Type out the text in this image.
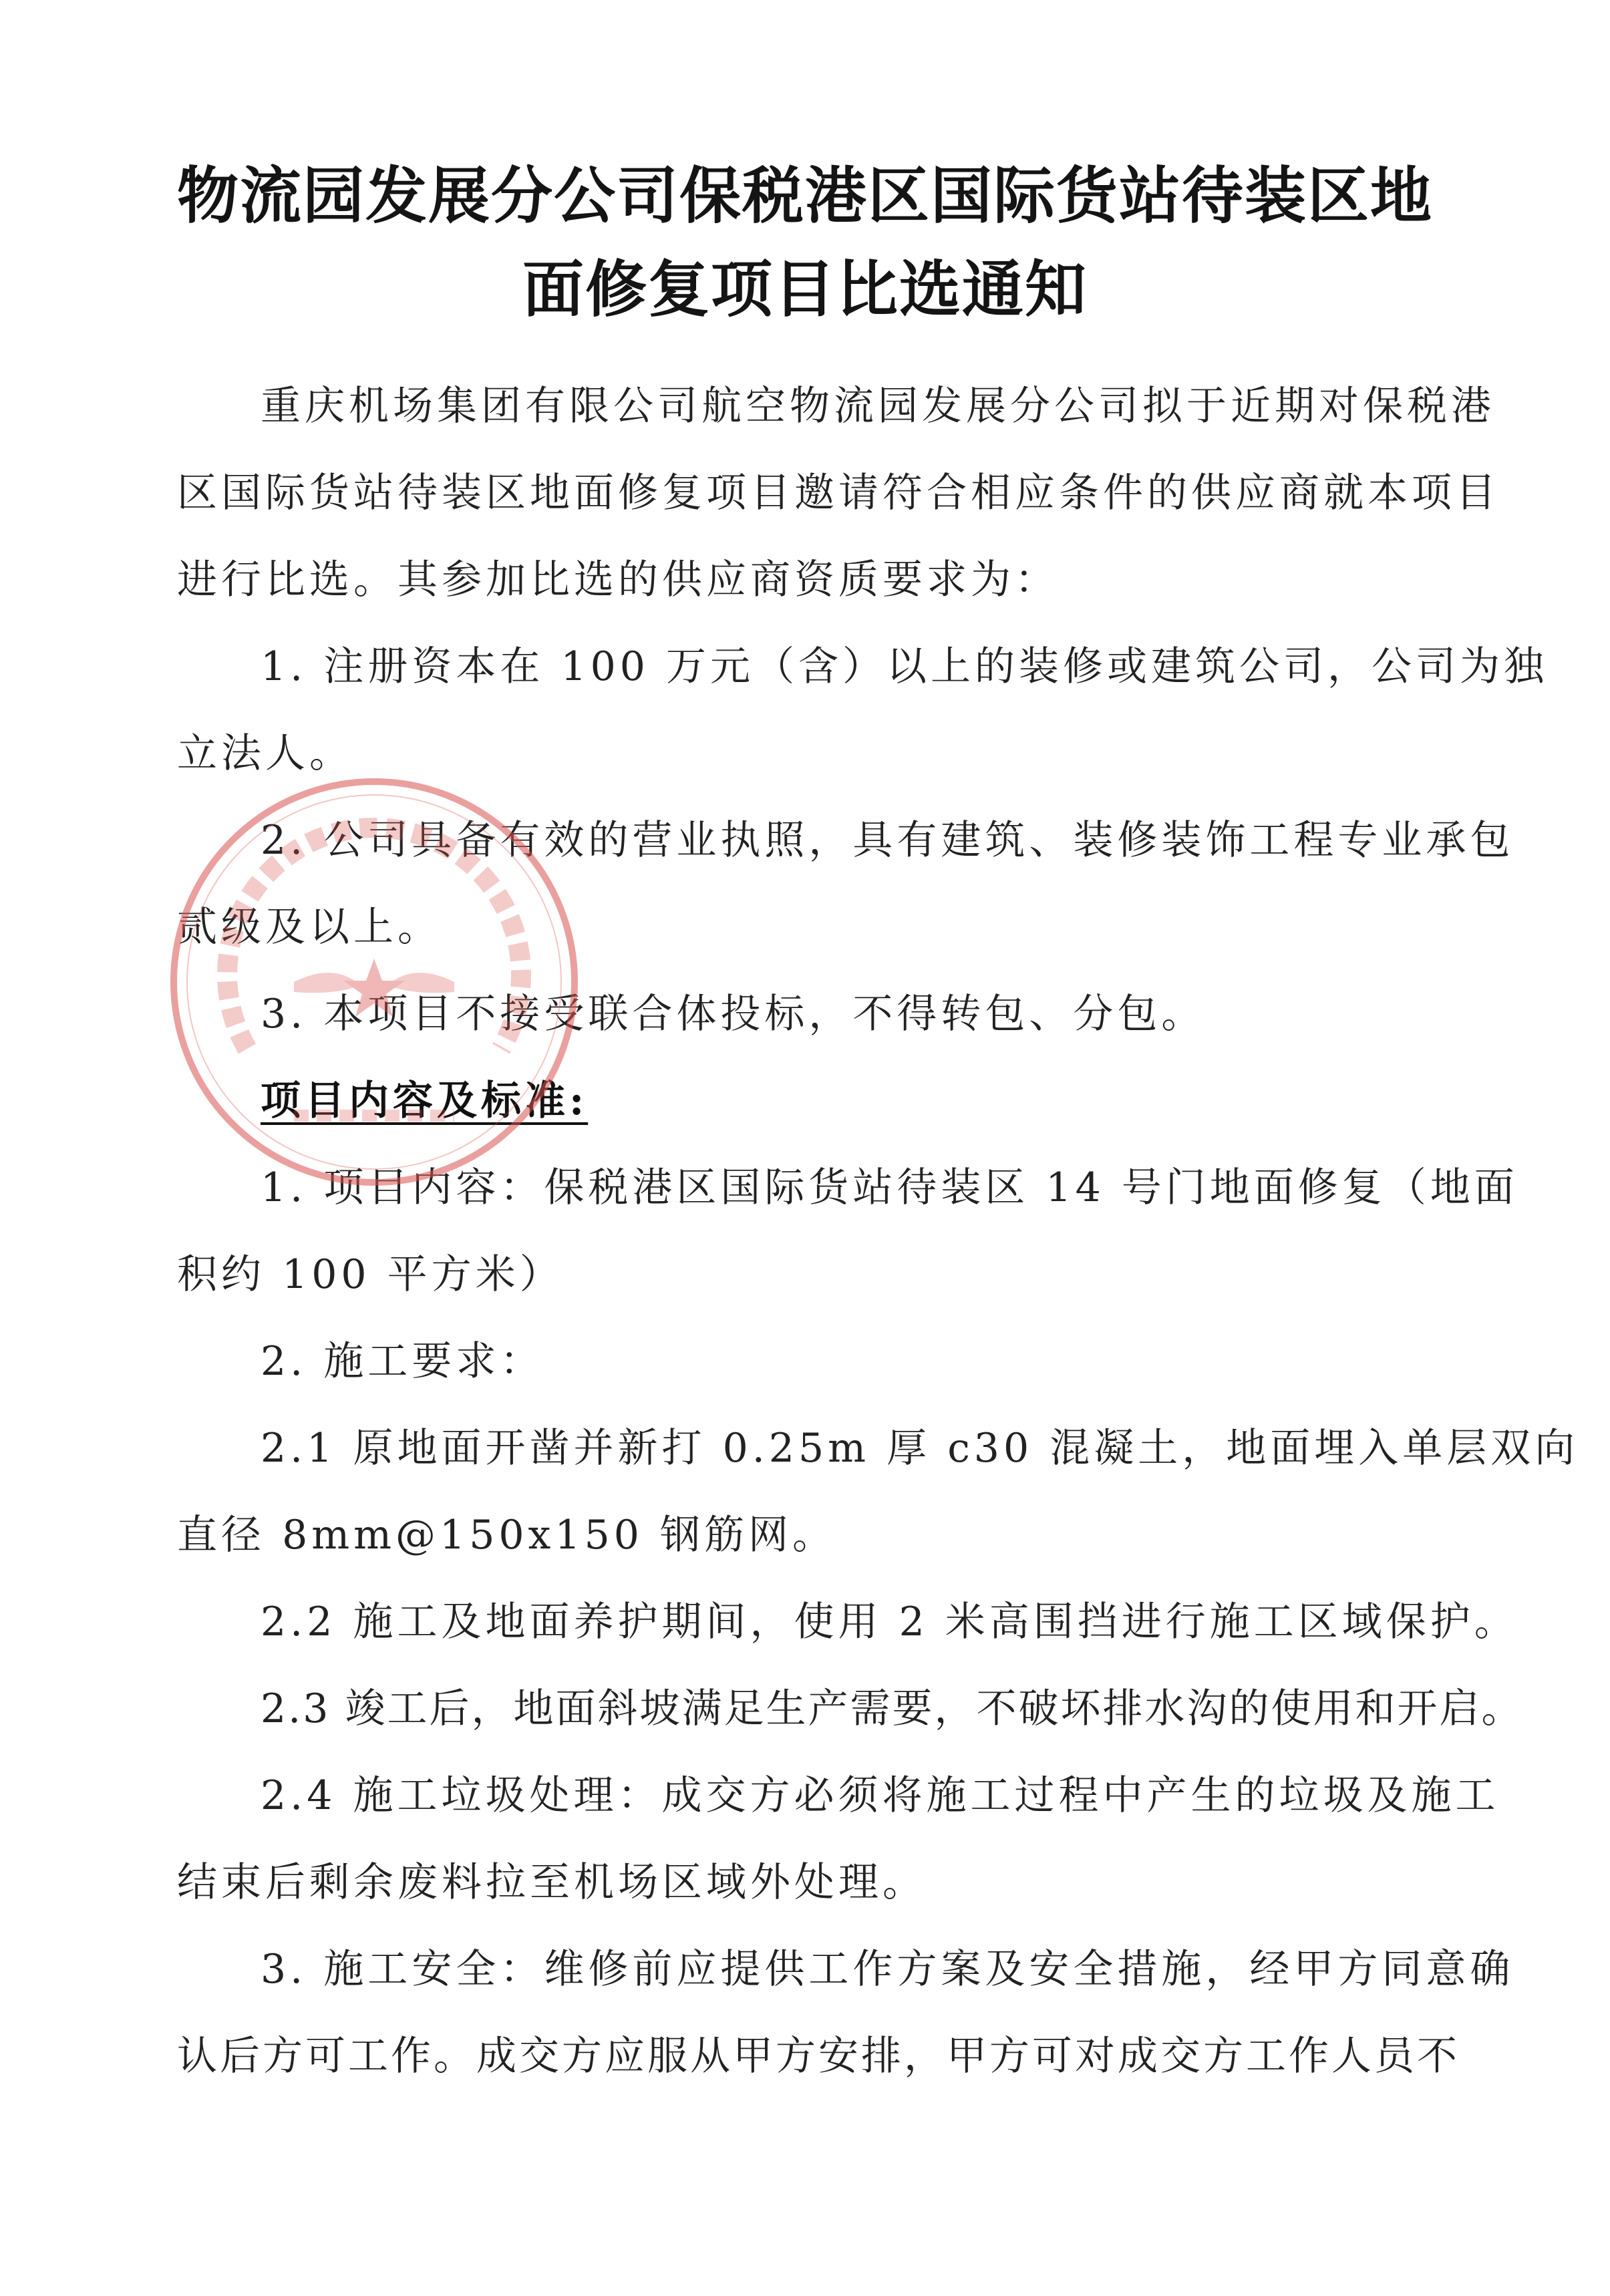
物流园发展分公司保税港区国际货站待装区地
面修复项目比选通知
重庆机场集团有限公司航空物流园发展分公司拟于近期对保税港
区国际货站待装区地面修复项目邀请符合相应条件的供应商就本项目
进行比选。其参加比选的供应商资质要求为：
1. 注册资本在 100 万元（含）以上的装修或建筑公司，公司为独
立法人。
2. 公司具备有效的营业执照，具有建筑、装修装饰工程专业承包
贰级及以上。
3. 本项目不接受联合体投标，不得转包、分包。
项目内容及标准:
1. 项目内容：保税港区国际货站待装区 14 号门地面修复（地面
积约 100 平方米）
2. 施工要求：
2.1 原地面开凿并新打 0.25m 厚 c30 混凝土，地面埋入单层双向
直径 8mm@150x150 钢筋网。
2.2 施工及地面养护期间，使用 2 米高围挡进行施工区域保护。
2.3 竣工后，地面斜坡满足生产需要，不破坏排水沟的使用和开启。
2.4 施工垃圾处理：成交方必须将施工过程中产生的垃圾及施工
结束后剩余废料拉至机场区域外处理。
3. 施工安全：维修前应提供工作方案及安全措施，经甲方同意确
认后方可工作。成交方应服从甲方安排，甲方可对成交方工作人员不
